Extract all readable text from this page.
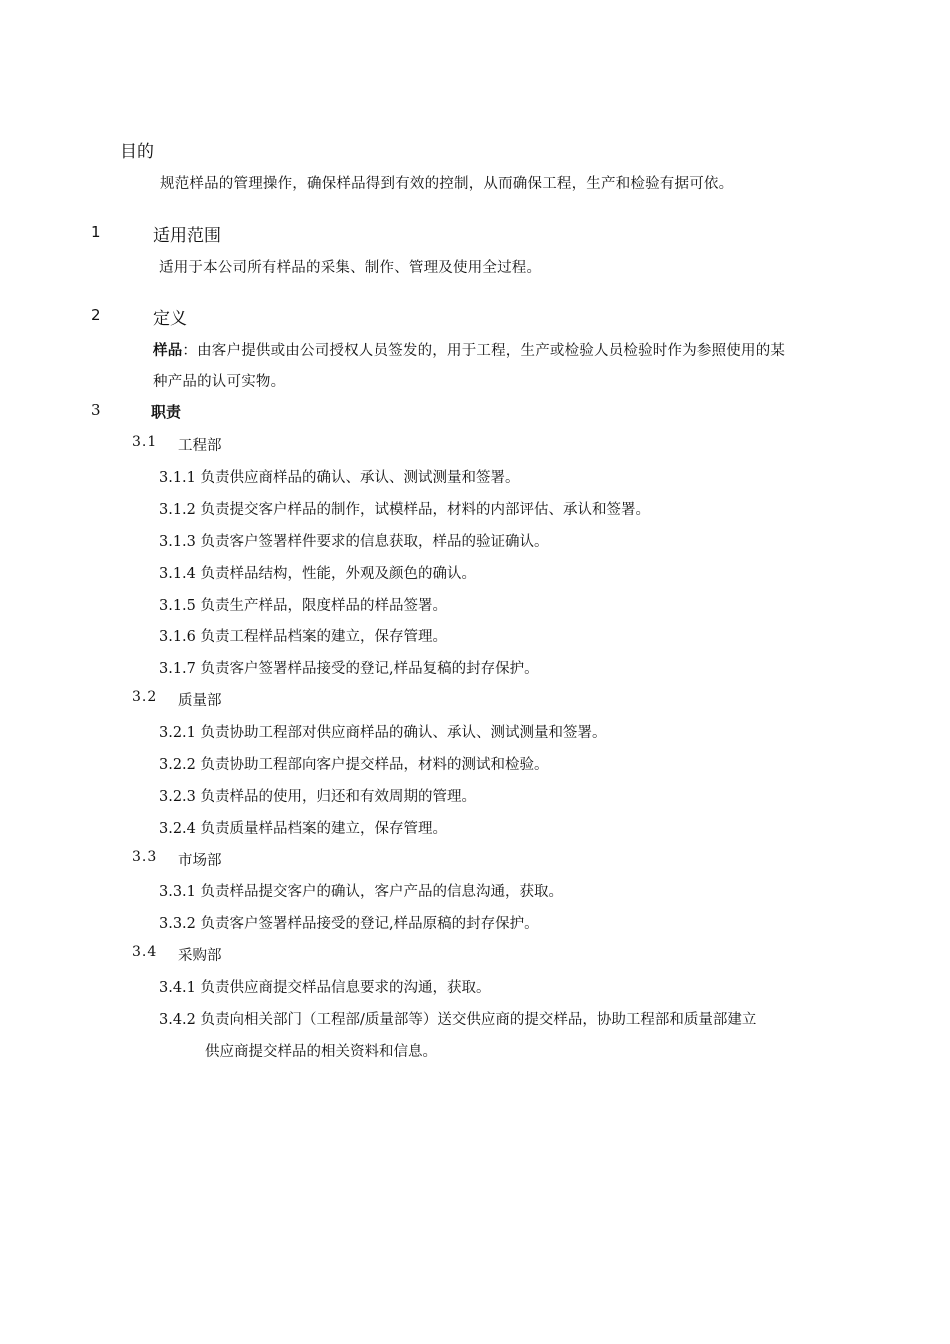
目的
规范样品的管理操作，确保样品得到有效的控制，从而确保工程，生产和检验有据可依。
1	适用范围
适用于本公司所有样品的采集、制作、管理及使用全过程。
2	定义
样品：由客户提供或由公司授权人员签发的，用于工程，生产或检验人员检验时作为参照使用的某
种产品的认可实物。
3	职责
3.1 工程部
3.1.1 负责供应商样品的确认、承认、测试测量和签署。
3.1.2 负责提交客户样品的制作，试模样品，材料的内部评估、承认和签署。
3.1.3 负责客户签署样件要求的信息获取，样品的验证确认。
3.1.4 负责样品结构，性能，外观及颜色的确认。
3.1.5 负责生产样品，限度样品的样品签署。
3.1.6 负责工程样品档案的建立，保存管理。
3.1.7 负责客户签署样品接受的登记,样品复稿的封存保护。
3.2 质量部
3.2.1 负责协助工程部对供应商样品的确认、承认、测试测量和签署。
3.2.2 负责协助工程部向客户提交样品，材料的测试和检验。
3.2.3 负责样品的使用，归还和有效周期的管理。
3.2.4 负责质量样品档案的建立，保存管理。
3.3 市场部
3.3.1 负责样品提交客户的确认，客户产品的信息沟通，获取。
3.3.2 负责客户签署样品接受的登记,样品原稿的封存保护。
3.4 采购部
3.4.1 负责供应商提交样品信息要求的沟通，获取。
3.4.2 负责向相关部门（工程部/质量部等）送交供应商的提交样品，协助工程部和质量部建立
供应商提交样品的相关资料和信息。
